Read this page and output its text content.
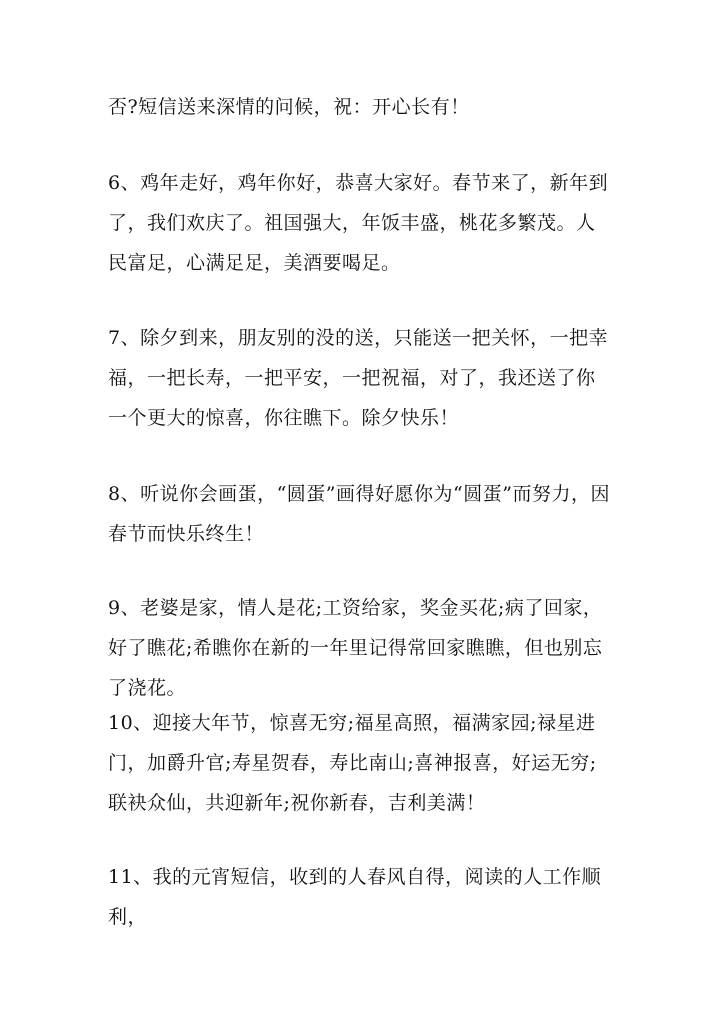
否?短信送来深情的问候，祝：开心长有！

6、鸡年走好，鸡年你好，恭喜大家好。春节来了，新年到了，我们欢庆了。祖国强大，年饭丰盛，桃花多繁茂。人民富足，心满足足，美酒要喝足。

7、除夕到来，朋友别的没的送，只能送一把关怀，一把幸福，一把长寿，一把平安，一把祝福，对了，我还送了你一个更大的惊喜，你往瞧下。除夕快乐！

8、听说你会画蛋，“圆蛋”画得好愿你为“圆蛋”而努力，因春节而快乐终生！

9、老婆是家，情人是花;工资给家，奖金买花;病了回家，好了瞧花;希瞧你在新的一年里记得常回家瞧瞧，但也别忘了浇花。

10、迎接大年节，惊喜无穷;福星高照，福满家园;禄星进门，加爵升官;寿星贺春，寿比南山;喜神报喜，好运无穷;联袂众仙，共迎新年;祝你新春，吉利美满！

11、我的元宵短信，收到的人春风自得，阅读的人工作顺利，
